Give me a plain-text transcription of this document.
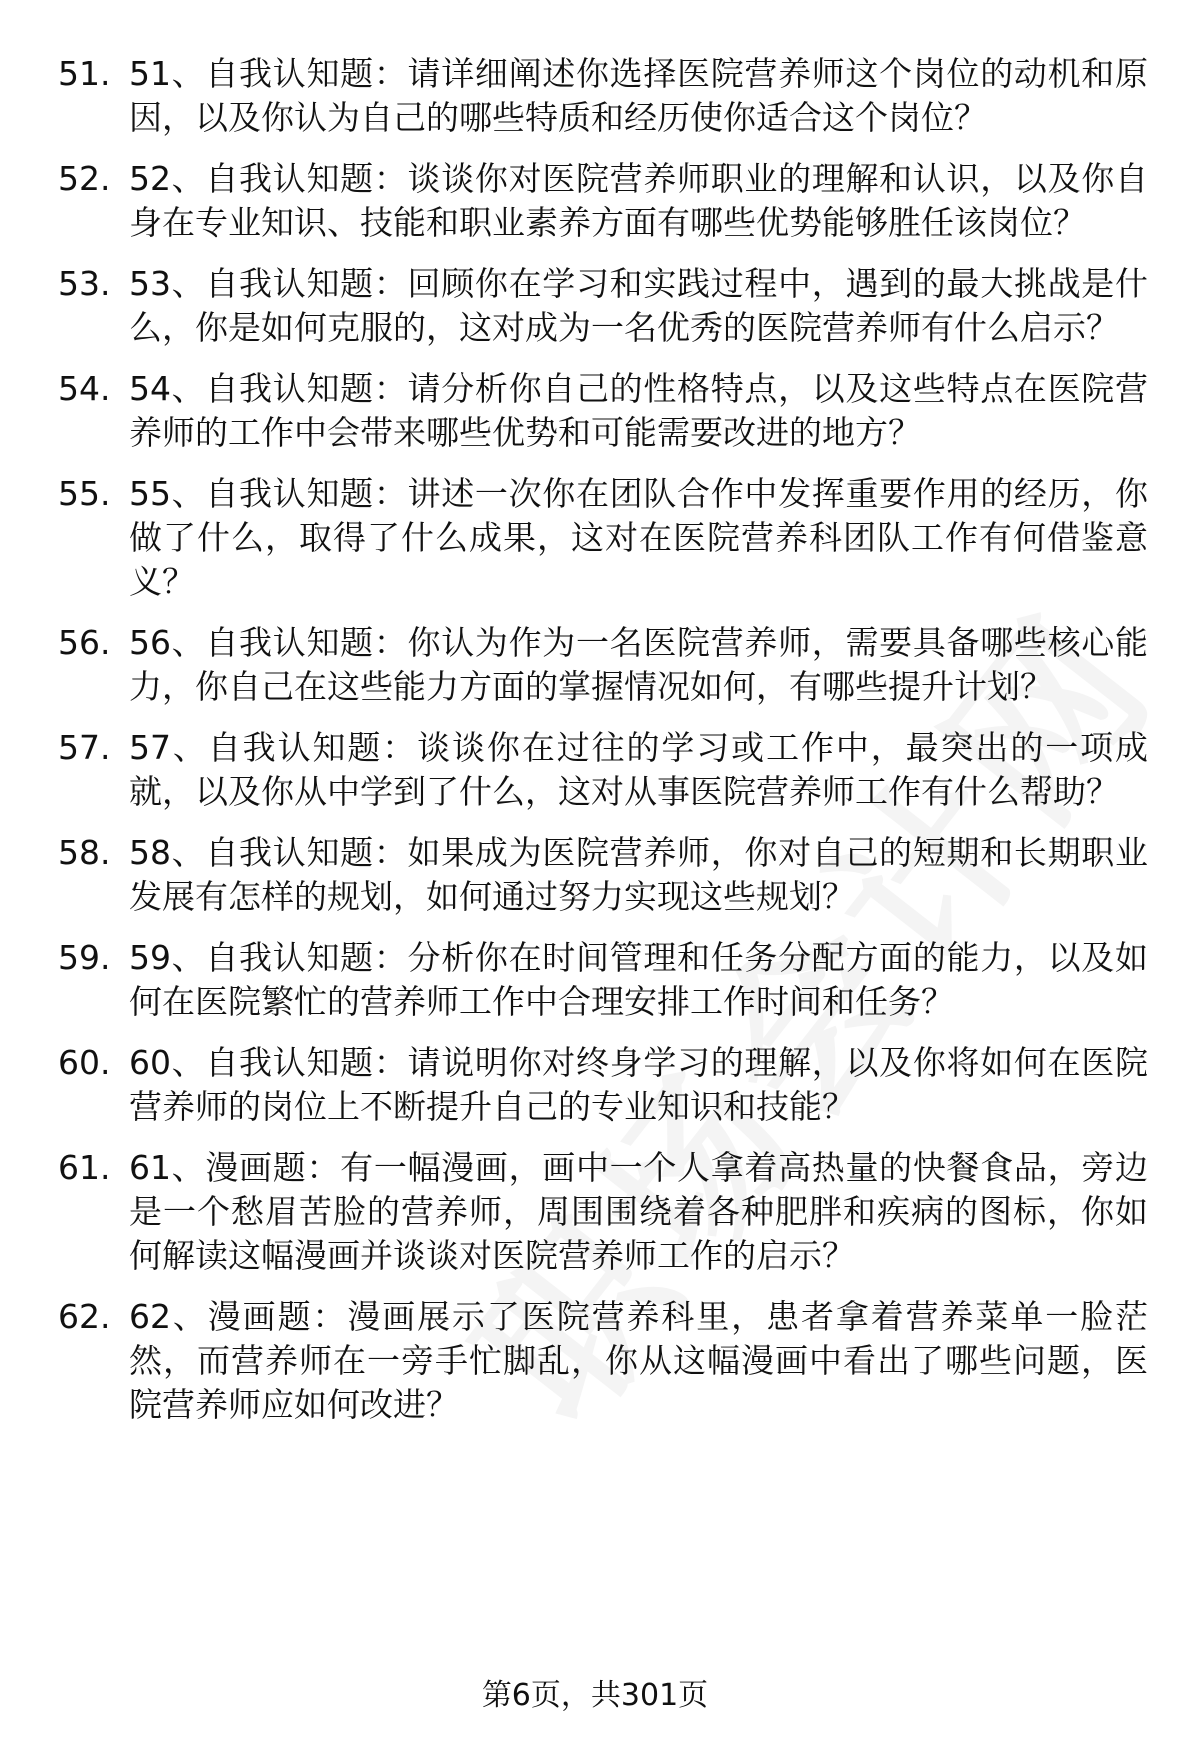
51. 51、自我认知题：请详细阐述你选择医院营养师这个岗位的动机和原因，以及你认为自己的哪些特质和经历使你适合这个岗位？
52. 52、自我认知题：谈谈你对医院营养师职业的理解和认识，以及你自身在专业知识、技能和职业素养方面有哪些优势能够胜任该岗位？
53. 53、自我认知题：回顾你在学习和实践过程中，遇到的最大挑战是什么，你是如何克服的，这对成为一名优秀的医院营养师有什么启示？
54. 54、自我认知题：请分析你自己的性格特点，以及这些特点在医院营养师的工作中会带来哪些优势和可能需要改进的地方？
55. 55、自我认知题：讲述一次你在团队合作中发挥重要作用的经历，你做了什么，取得了什么成果，这对在医院营养科团队工作有何借鉴意义？
56. 56、自我认知题：你认为作为一名医院营养师，需要具备哪些核心能力，你自己在这些能力方面的掌握情况如何，有哪些提升计划？
57. 57、自我认知题：谈谈你在过往的学习或工作中，最突出的一项成就，以及你从中学到了什么，这对从事医院营养师工作有什么帮助？
58. 58、自我认知题：如果成为医院营养师，你对自己的短期和长期职业发展有怎样的规划，如何通过努力实现这些规划？
59. 59、自我认知题：分析你在时间管理和任务分配方面的能力，以及如何在医院繁忙的营养师工作中合理安排工作时间和任务？
60. 60、自我认知题：请说明你对终身学习的理解，以及你将如何在医院营养师的岗位上不断提升自己的专业知识和技能？
61. 61、漫画题：有一幅漫画，画中一个人拿着高热量的快餐食品，旁边是一个愁眉苦脸的营养师，周围围绕着各种肥胖和疾病的图标，你如何解读这幅漫画并谈谈对医院营养师工作的启示？
62. 62、漫画题：漫画展示了医院营养科里，患者拿着营养菜单一脸茫然，而营养师在一旁手忙脚乱，你从这幅漫画中看出了哪些问题，医院营养师应如何改进？
第6页，共301页
